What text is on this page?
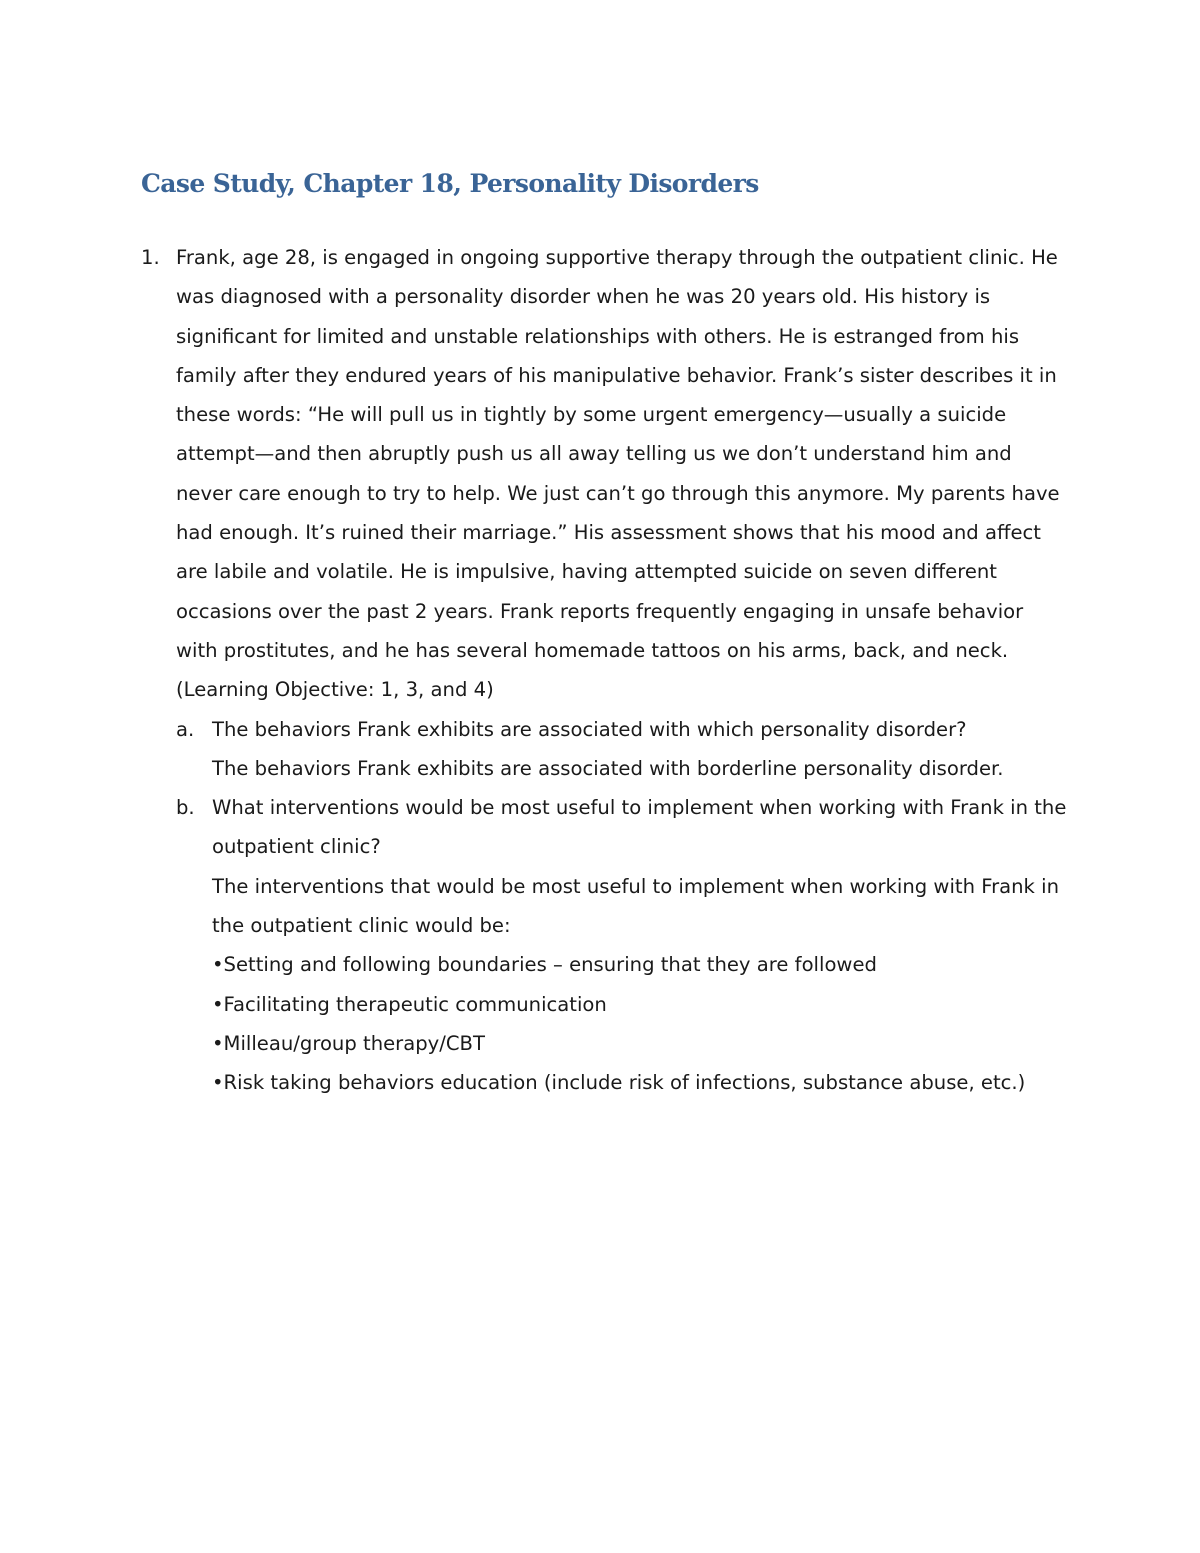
Case Study, Chapter 18, Personality Disorders
1. Frank, age 28, is engaged in ongoing supportive therapy through the outpatient clinic. He was diagnosed with a personality disorder when he was 20 years old. His history is significant for limited and unstable relationships with others. He is estranged from his family after they endured years of his manipulative behavior. Frank’s sister describes it in these words: “He will pull us in tightly by some urgent emergency—usually a suicide attempt—and then abruptly push us all away telling us we don’t understand him and never care enough to try to help. We just can’t go through this anymore. My parents have had enough. It’s ruined their marriage.” His assessment shows that his mood and affect are labile and volatile. He is impulsive, having attempted suicide on seven different occasions over the past 2 years. Frank reports frequently engaging in unsafe behavior with prostitutes, and he has several homemade tattoos on his arms, back, and neck. (Learning Objective: 1, 3, and 4)

a. The behaviors Frank exhibits are associated with which personality disorder?

The behaviors Frank exhibits are associated with borderline personality disorder.

b. What interventions would be most useful to implement when working with Frank in the outpatient clinic?

The interventions that would be most useful to implement when working with Frank in the outpatient clinic would be:

•Setting and following boundaries – ensuring that they are followed
•Facilitating therapeutic communication
•Milleau/group therapy/CBT
•Risk taking behaviors education (include risk of infections, substance abuse, etc.)
